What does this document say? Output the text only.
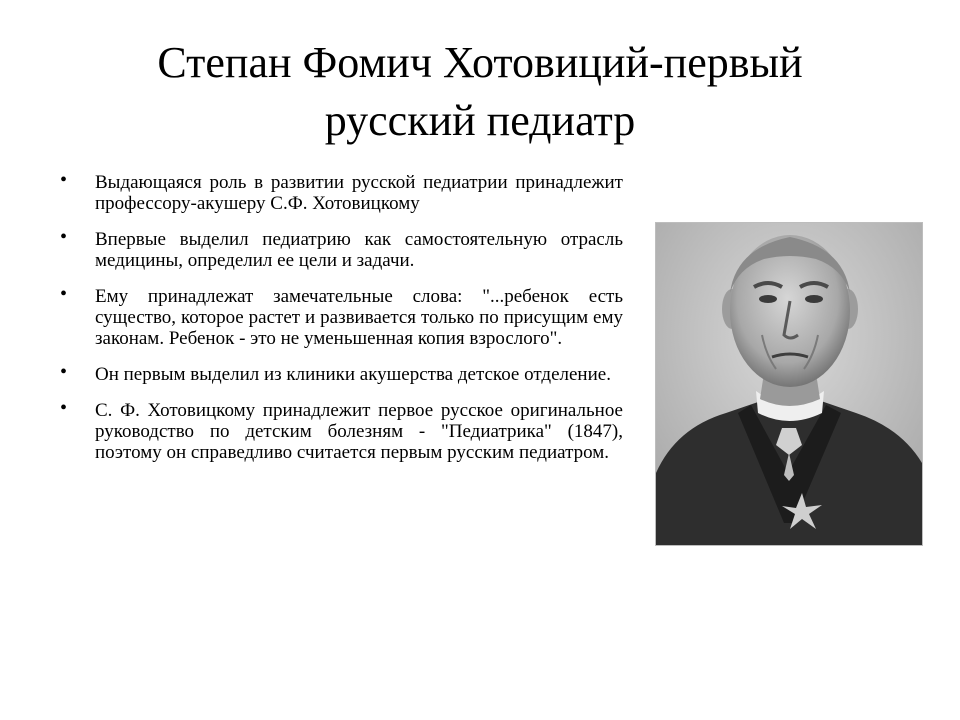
Степан Фомич Хотовиций-первый
русский педиатр
• Выдающаяся роль в развитии русской педиатрии принадлежит профессору-акушеру С.Ф. Хотовицкому
• Впервые выделил педиатрию как самостоятельную отрасль медицины, определил ее цели и задачи.
• Ему принадлежат замечательные слова: "...ребенок есть существо, которое растет и развивается только по присущим ему законам. Ребенок - это не уменьшенная копия взрослого".
• Он первым выделил из клиники акушерства детское отделение.
• С. Ф. Хотовицкому принадлежит первое русское оригинальное руководство по детским болезням - "Педиатрика" (1847), поэтому он справедливо считается первым русским педиатром.
